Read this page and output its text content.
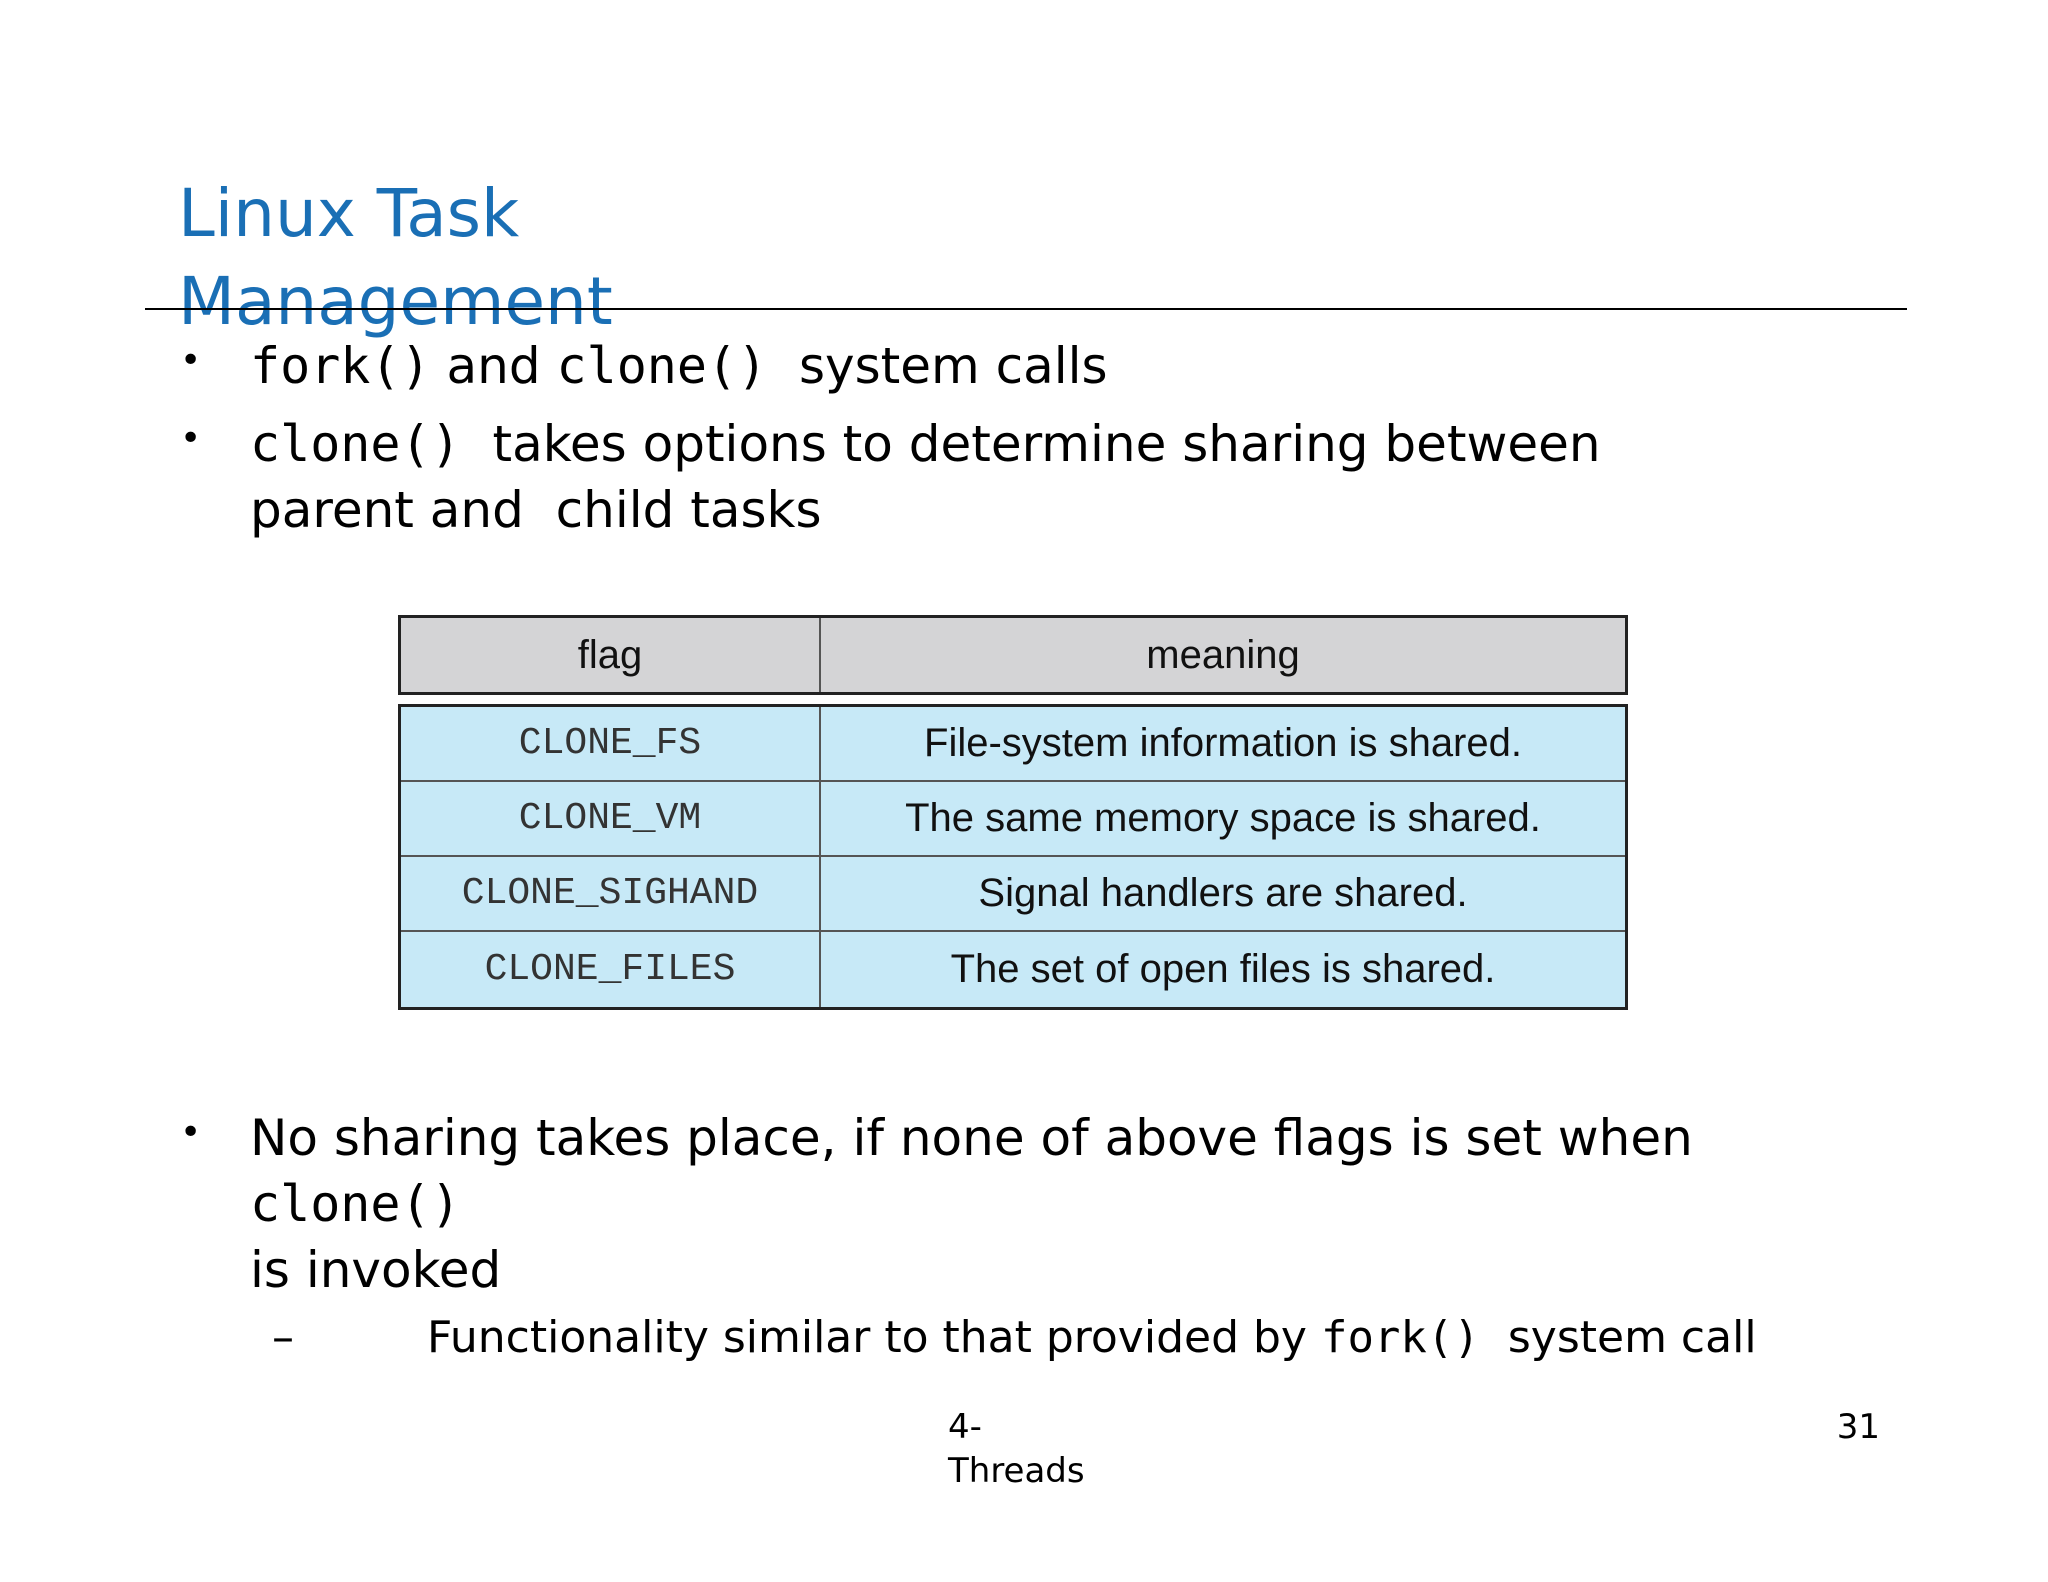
Linux Task Management
• fork() and clone()  system calls
• clone()  takes options to determine sharing between
parent and  child tasks
• No sharing takes place, if none of above flags is set when
clone()
is invoked
–	Functionality similar to that provided by fork()  system call
flag	meaning
CLONE_FS	File-system information is shared.
CLONE_VM	The same memory space is shared.
CLONE_SIGHAND	Signal handlers are shared.
CLONE_FILES	The set of open files is shared.
4-
Threads
31
